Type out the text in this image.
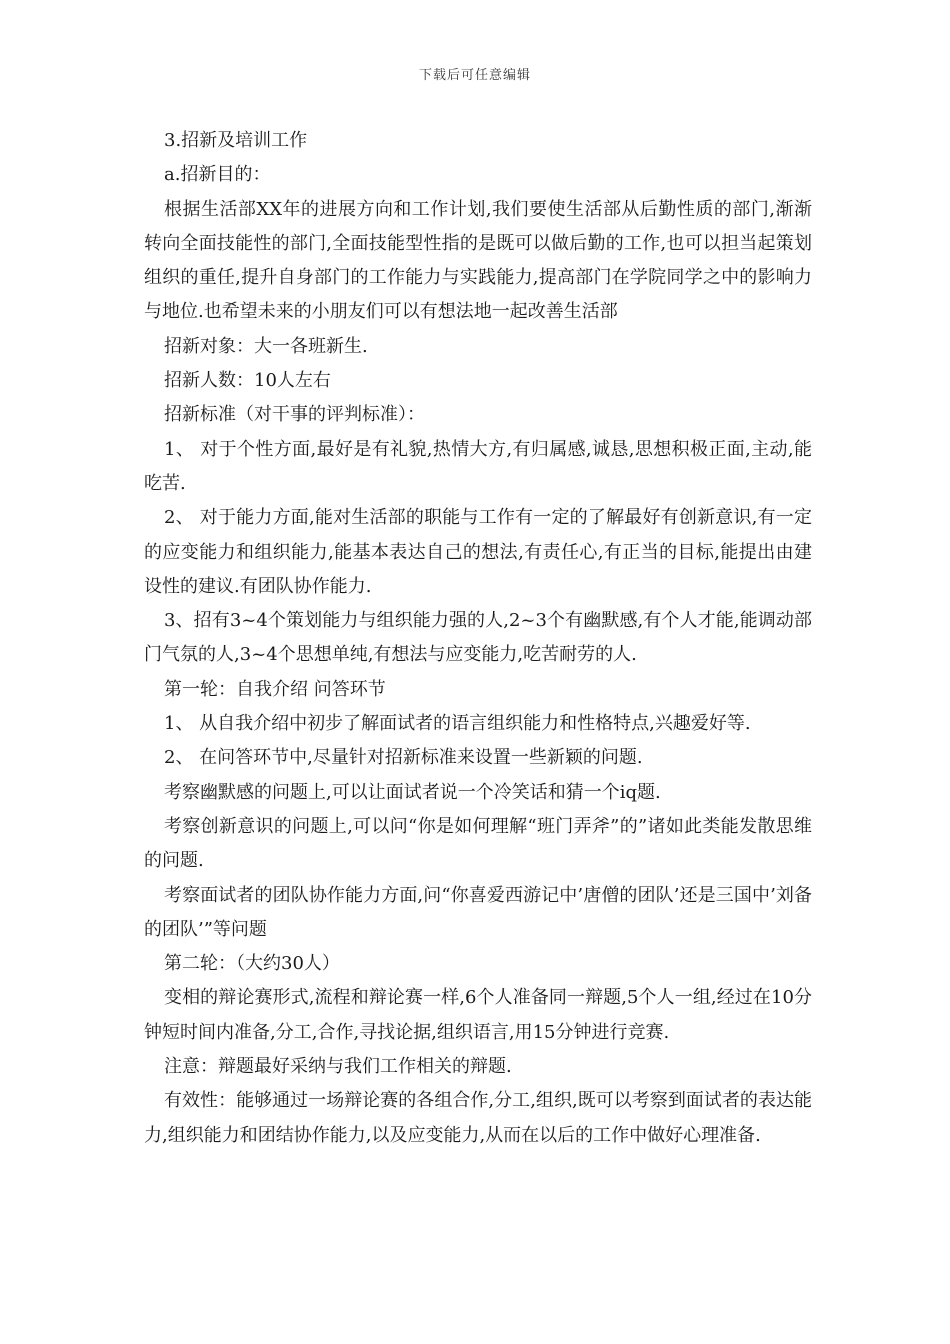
下载后可任意编辑

3.招新及培训工作

a.招新目的：

根据生活部XX年的进展方向和工作计划,我们要使生活部从后勤性质的部门,渐渐转向全面技能性的部门,全面技能型性指的是既可以做后勤的工作,也可以担当起策划组织的重任,提升自身部门的工作能力与实践能力,提高部门在学院同学之中的影响力与地位.也希望未来的小朋友们可以有想法地一起改善生活部

招新对象：大一各班新生.

招新人数：10人左右

招新标准（对干事的评判标准）：

1、 对于个性方面,最好是有礼貌,热情大方,有归属感,诚恳,思想积极正面,主动,能吃苦.

2、 对于能力方面,能对生活部的职能与工作有一定的了解最好有创新意识,有一定的应变能力和组织能力,能基本表达自己的想法,有责任心,有正当的目标,能提出由建设性的建议.有团队协作能力.

3、招有3~4个策划能力与组织能力强的人,2~3个有幽默感,有个人才能,能调动部门气氛的人,3~4个思想单纯,有想法与应变能力,吃苦耐劳的人.

第一轮：自我介绍 问答环节

1、 从自我介绍中初步了解面试者的语言组织能力和性格特点,兴趣爱好等.

2、 在问答环节中,尽量针对招新标准来设置一些新颖的问题.

考察幽默感的问题上,可以让面试者说一个冷笑话和猜一个iq题.

考察创新意识的问题上,可以问“你是如何理解“班门弄斧”的”诸如此类能发散思维的问题.

考察面试者的团队协作能力方面,问“你喜爱西游记中’唐僧的团队’还是三国中’刘备的团队’”等问题

第二轮：（大约30人）

变相的辩论赛形式,流程和辩论赛一样,6个人准备同一辩题,5个人一组,经过在10分钟短时间内准备,分工,合作,寻找论据,组织语言,用15分钟进行竞赛.

注意：辩题最好采纳与我们工作相关的辩题.

有效性：能够通过一场辩论赛的各组合作,分工,组织,既可以考察到面试者的表达能力,组织能力和团结协作能力,以及应变能力,从而在以后的工作中做好心理准备.
